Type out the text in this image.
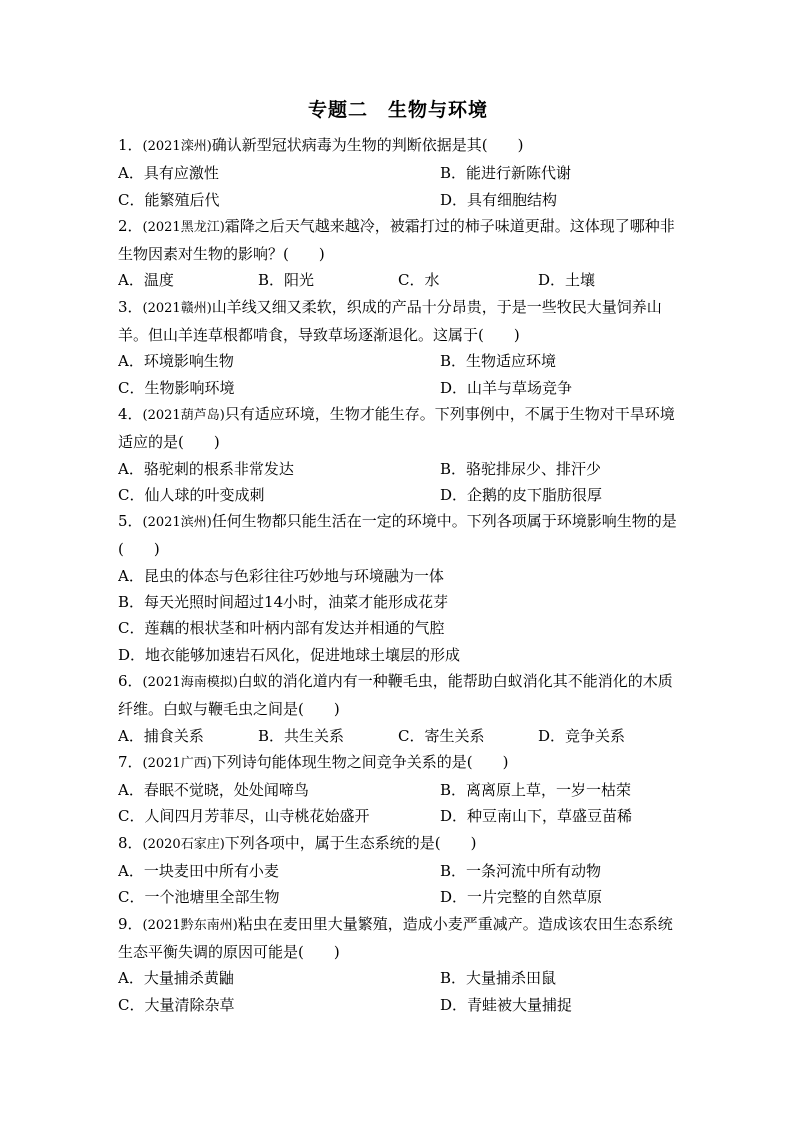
专题二　生物与环境
1．(2021滦州)确认新型冠状病毒为生物的判断依据是其(　　)
A．具有应激性	B．能进行新陈代谢
C．能繁殖后代	D．具有细胞结构
2．(2021黑龙江)霜降之后天气越来越冷，被霜打过的柿子味道更甜。这体现了哪种非生物因素对生物的影响？(　　)
A．温度	B．阳光	C．水	D．土壤
3．(2021赣州)山羊线又细又柔软，织成的产品十分昂贵，于是一些牧民大量饲养山羊。但山羊连草根都啃食，导致草场逐渐退化。这属于(　　)
A．环境影响生物	B．生物适应环境
C．生物影响环境	D．山羊与草场竞争
4．(2021葫芦岛)只有适应环境，生物才能生存。下列事例中，不属于生物对干旱环境适应的是(　　)
A．骆驼刺的根系非常发达	B．骆驼排尿少、排汗少
C．仙人球的叶变成刺	D．企鹅的皮下脂肪很厚
5．(2021滨州)任何生物都只能生活在一定的环境中。下列各项属于环境影响生物的是(　　)
A．昆虫的体态与色彩往往巧妙地与环境融为一体
B．每天光照时间超过14小时，油菜才能形成花芽
C．莲藕的根状茎和叶柄内部有发达并相通的气腔
D．地衣能够加速岩石风化，促进地球土壤层的形成
6．(2021海南模拟)白蚁的消化道内有一种鞭毛虫，能帮助白蚁消化其不能消化的木质纤维。白蚁与鞭毛虫之间是(　　)
A．捕食关系	B．共生关系	C．寄生关系	D．竞争关系
7．(2021广西)下列诗句能体现生物之间竞争关系的是(　　)
A．春眠不觉晓，处处闻啼鸟	B．离离原上草，一岁一枯荣
C．人间四月芳菲尽，山寺桃花始盛开	D．种豆南山下，草盛豆苗稀
8．(2020石家庄)下列各项中，属于生态系统的是(　　)
A．一块麦田中所有小麦	B．一条河流中所有动物
C．一个池塘里全部生物	D．一片完整的自然草原
9．(2021黔东南州)粘虫在麦田里大量繁殖，造成小麦严重减产。造成该农田生态系统生态平衡失调的原因可能是(　　)
A．大量捕杀黄鼬	B．大量捕杀田鼠
C．大量清除杂草	D．青蛙被大量捕捉
